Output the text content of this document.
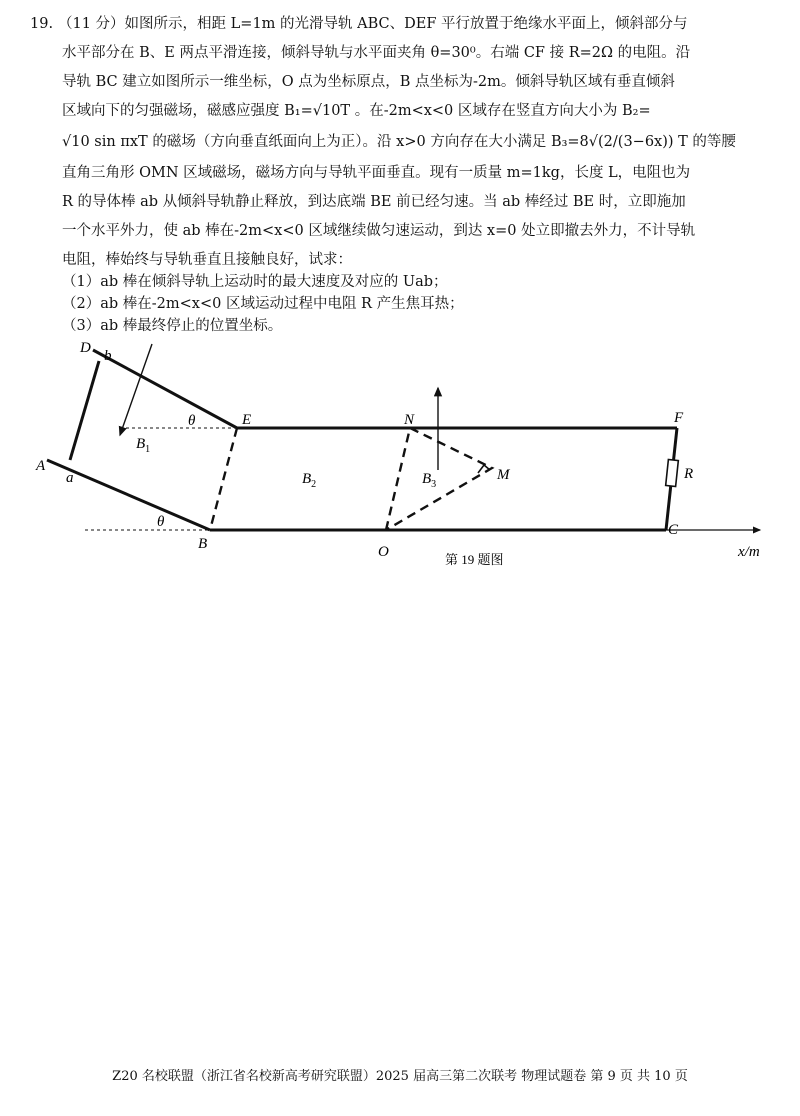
19. （11 分）如图所示，相距 L=1m 的光滑导轨 ABC、DEF 平行放置于绝缘水平面上，倾斜部分与
水平部分在 B、E 两点平滑连接，倾斜导轨与水平面夹角 θ=30⁰。右端 CF 接 R=2Ω 的电阻。沿
导轨 BC 建立如图所示一维坐标，O 点为坐标原点，B 点坐标为-2m。倾斜导轨区域有垂直倾斜
区域向下的匀强磁场，磁感应强度 B₁=√10T 。在-2m<x<0 区域存在竖直方向大小为 B₂=
√10 sin πxT 的磁场（方向垂直纸面向上为正）。沿 x>0 方向存在大小满足 B₃=8√(2/(3−6x)) T 的等腰
直角三角形 OMN 区域磁场，磁场方向与导轨平面垂直。现有一质量 m=1kg，长度 L，电阻也为
R 的导体棒 ab 从倾斜导轨静止释放，到达底端 BE 前已经匀速。当 ab 棒经过 BE 时，立即施加
一个水平外力，使 ab 棒在-2m<x<0 区域继续做匀速运动，到达 x=0 处立即撤去外力，不计导轨
电阻，棒始终与导轨垂直且接触良好，试求：
（1）ab 棒在倾斜导轨上运动时的最大速度及对应的 Uab；
（2）ab 棒在-2m<x<0 区域运动过程中电阻 R 产生焦耳热；
（3）ab 棒最终停止的位置坐标。
D b
A
a
E
B
θ
θ
$B_1$
$B_2$	$B_3$
N
M
O
F
C
R
x/m
第 19 题图
Z20 名校联盟（浙江省名校新高考研究联盟）2025 届高三第二次联考 物理试题卷 第 9 页 共 10 页
